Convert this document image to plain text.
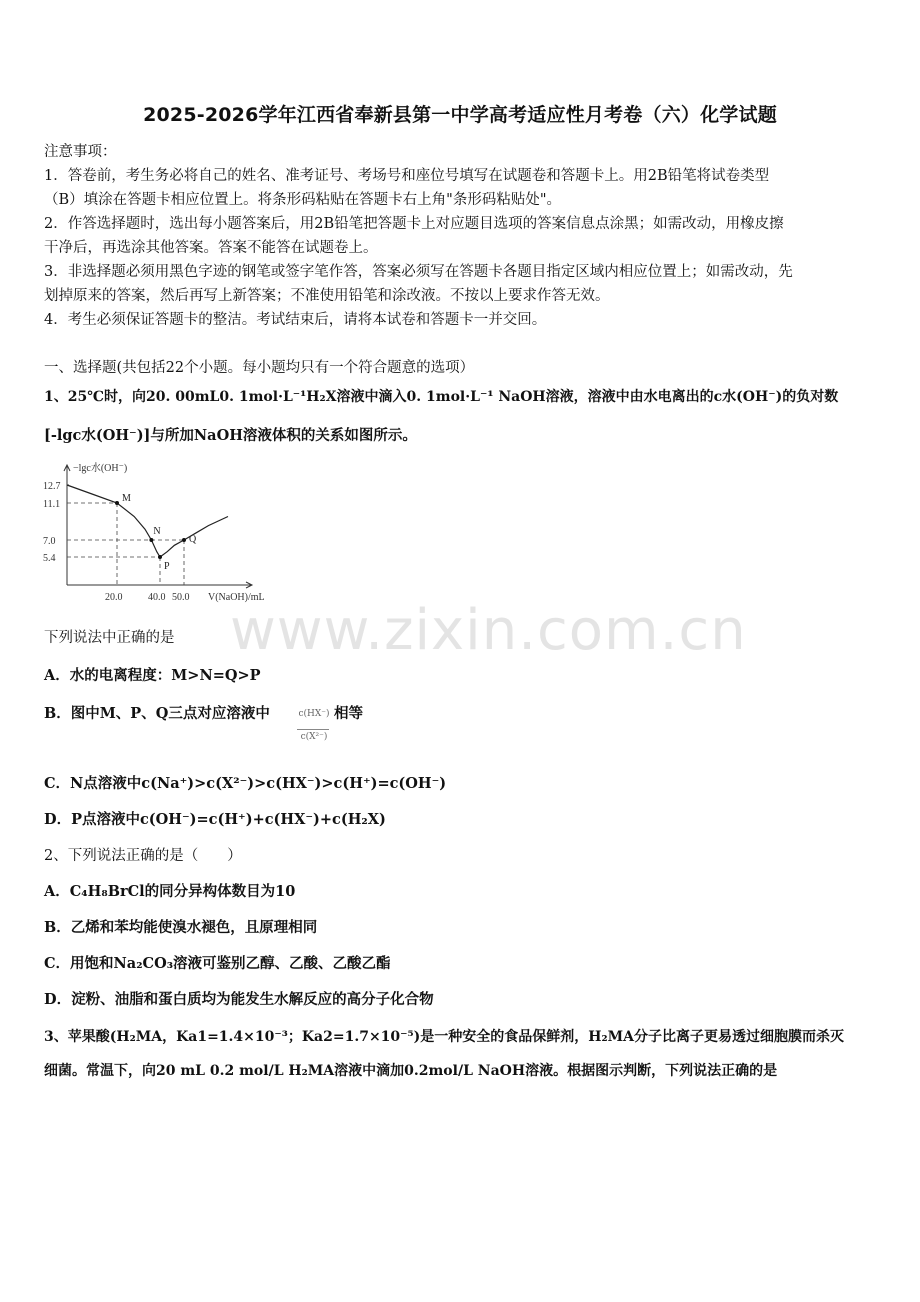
2025-2026学年江西省奉新县第一中学高考适应性月考卷（六）化学试题
注意事项：
1．答卷前，考生务必将自己的姓名、准考证号、考场号和座位号填写在试题卷和答题卡上。用2B铅笔将试卷类型
（B）填涂在答题卡相应位置上。将条形码粘贴在答题卡右上角"条形码粘贴处"。
2．作答选择题时，选出每小题答案后，用2B铅笔把答题卡上对应题目选项的答案信息点涂黑；如需改动，用橡皮擦
干净后，再选涂其他答案。答案不能答在试题卷上。
3．非选择题必须用黑色字迹的钢笔或签字笔作答，答案必须写在答题卡各题目指定区域内相应位置上；如需改动，先
划掉原来的答案，然后再写上新答案；不准使用铅笔和涂改液。不按以上要求作答无效。
4．考生必须保证答题卡的整洁。考试结束后，请将本试卷和答题卡一并交回。
一、选择题(共包括22个小题。每小题均只有一个符合题意的选项）
1、25℃时，向20. 00mL0. 1mol·L⁻¹H₂X溶液中滴入0. 1mol·L⁻¹ NaOH溶液，溶液中由水电离出的c水(OH⁻)的负对数
[-lgc水(OH⁻)]与所加NaOH溶液体积的关系如图所示。
−lgc水(OH⁻)
V(NaOH)/mL
12.7
11.1
7.0
5.4
20.0	40.0 50.0
M
N
P
Q
下列说法中正确的是
A．水的电离程度：M>N=Q>P
B．图中M、P、Q三点对应溶液中	c(HX⁻)
c(X²⁻)
相等
C．N点溶液中c(Na⁺)>c(X²⁻)>c(HX⁻)>c(H⁺)=c(OH⁻)
D．P点溶液中c(OH⁻)=c(H⁺)+c(HX⁻)+c(H₂X)
2、下列说法正确的是（　　）
A．C₄H₈BrCl的同分异构体数目为10
B．乙烯和苯均能使溴水褪色，且原理相同
C．用饱和Na₂CO₃溶液可鉴别乙醇、乙酸、乙酸乙酯
D．淀粉、油脂和蛋白质均为能发生水解反应的高分子化合物
3、苹果酸(H₂MA，Ka1=1.4×10⁻³；Ka2=1.7×10⁻⁵)是一种安全的食品保鲜剂，H₂MA分子比离子更易透过细胞膜而杀灭
细菌。常温下，向20 mL 0.2 mol/L H₂MA溶液中滴加0.2mol/L NaOH溶液。根据图示判断，下列说法正确的是
www.zixin.com.cn
